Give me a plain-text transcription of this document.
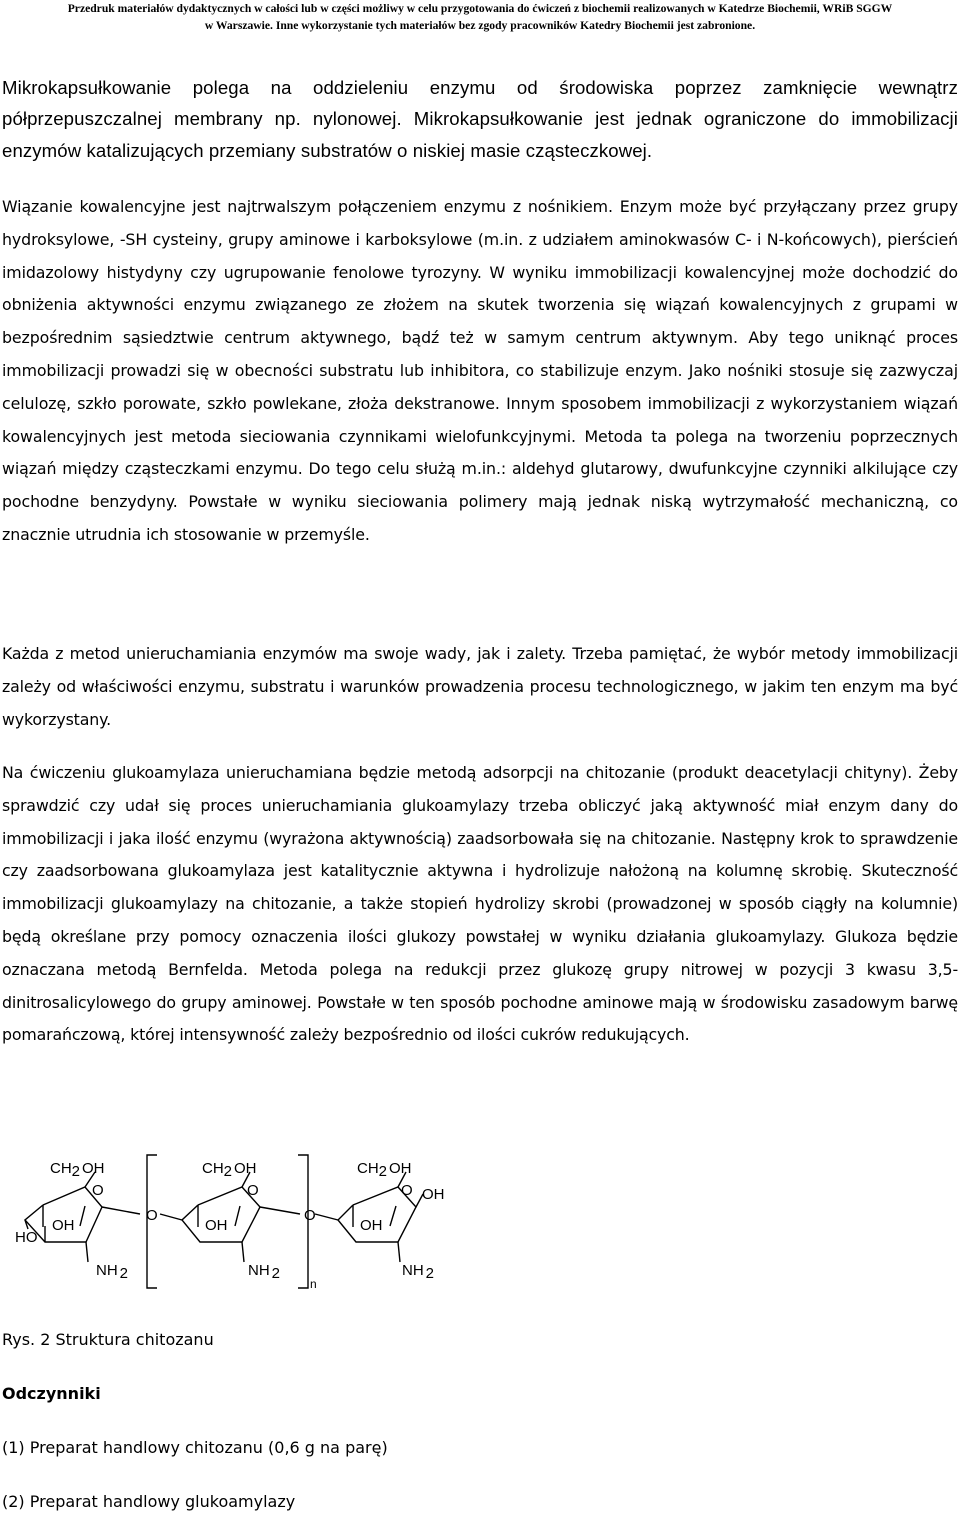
Przedruk materiałów dydaktycznych w całości lub w części możliwy w celu przygotowania do ćwiczeń z biochemii realizowanych w Katedrze Biochemii, WRiB SGGW
w Warszawie. Inne wykorzystanie tych materiałów bez zgody pracowników Katedry Biochemii jest zabronione.

Mikrokapsułkowanie polega na oddzieleniu enzymu od środowiska poprzez zamknięcie wewnątrz półprzepuszczalnej membrany np. nylonowej. Mikrokapsułkowanie jest jednak ograniczone do immobilizacji enzymów katalizujących przemiany substratów o niskiej masie cząsteczkowej.

Wiązanie kowalencyjne jest najtrwalszym połączeniem enzymu z nośnikiem. Enzym może być przyłączany przez grupy hydroksylowe, -SH cysteiny, grupy aminowe i karboksylowe (m.in. z udziałem aminokwasów C- i N-końcowych), pierścień imidazolowy histydyny czy ugrupowanie fenolowe tyrozyny. W wyniku immobilizacji kowalencyjnej może dochodzić do obniżenia aktywności enzymu związanego ze złożem na skutek tworzenia się wiązań kowalencyjnych z grupami w bezpośrednim sąsiedztwie centrum aktywnego, bądź też w samym centrum aktywnym. Aby tego uniknąć proces immobilizacji prowadzi się w obecności substratu lub inhibitora, co stabilizuje enzym. Jako nośniki stosuje się zazwyczaj celulozę, szkło porowate, szkło powlekane, złoża dekstranowe. Innym sposobem immobilizacji z wykorzystaniem wiązań kowalencyjnych jest metoda sieciowania czynnikami wielofunkcyjnymi. Metoda ta polega na tworzeniu poprzecznych wiązań między cząsteczkami enzymu. Do tego celu służą m.in.: aldehyd glutarowy, dwufunkcyjne czynniki alkilujące czy pochodne benzydyny. Powstałe w wyniku sieciowania polimery mają jednak niską wytrzymałość mechaniczną, co znacznie utrudnia ich stosowanie w przemyśle.

Każda z metod unieruchamiania enzymów ma swoje wady, jak i zalety. Trzeba pamiętać, że wybór metody immobilizacji zależy od właściwości enzymu, substratu i warunków prowadzenia procesu technologicznego, w jakim ten enzym ma być wykorzystany.

Na ćwiczeniu glukoamylaza unieruchamiana będzie metodą adsorpcji na chitozanie (produkt deacetylacji chityny). Żeby sprawdzić czy udał się proces unieruchamiania glukoamylazy trzeba obliczyć jaką aktywność miał enzym dany do immobilizacji i jaka ilość enzymu (wyrażona aktywnością) zaadsorbowała się na chitozanie. Następny krok to sprawdzenie czy zaadsorbowana glukoamylaza jest katalitycznie aktywna i hydrolizuje nałożoną na kolumnę skrobię. Skuteczność immobilizacji glukoamylazy na chitozanie, a także stopień hydrolizy skrobi (prowadzonej w sposób ciągły na kolumnie) będą określane przy pomocy oznaczenia ilości glukozy powstałej w wyniku działania glukoamylazy. Glukoza będzie oznaczana metodą Bernfelda. Metoda polega na redukcji przez glukozę grupy nitrowej w pozycji 3 kwasu 3,5-dinitrosalicylowego do grupy aminowej. Powstałe w ten sposób pochodne aminowe mają w środowisku zasadowym barwę pomarańczową, której intensywność zależy bezpośrednio od ilości cukrów redukujących.

CH2 OH
O
OH
HO
NH 2
O
CH2 OH
O
OH
NH 2
O
n
CH2 OH
O OH
OH
NH 2
Rys. 2 Struktura chitozanu
Odczynniki
(1) Preparat handlowy chitozanu (0,6 g na parę)
(2) Preparat handlowy glukoamylazy
